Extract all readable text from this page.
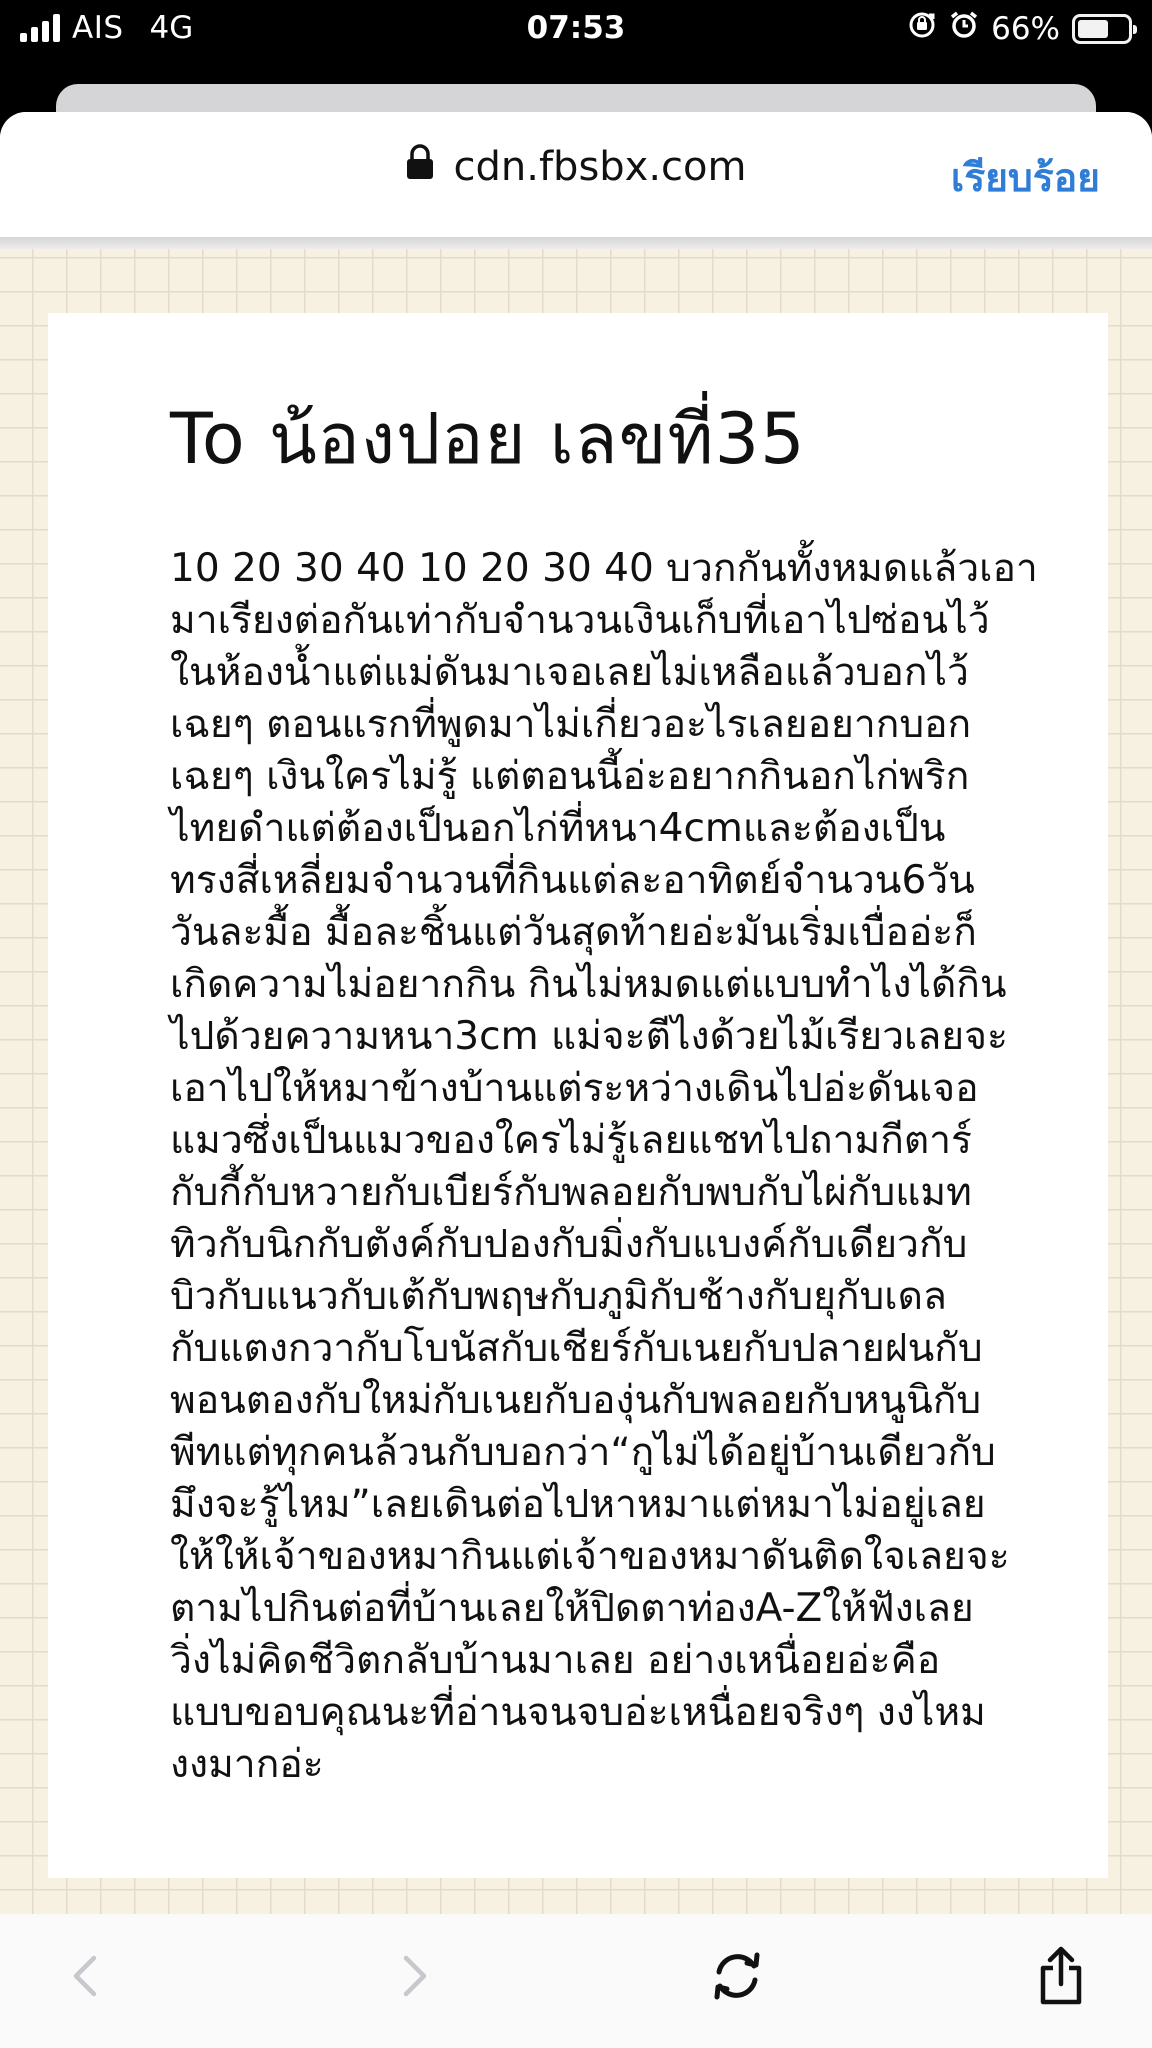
AIS 4G	07:53	66%
cdn.fbsbx.com	เรียบร้อย
To น้องปอย เลขที่35
10 20 30 40 10 20 30 40 บวกกันทั้งหมดแล้วเอา
มาเรียงต่อกันเท่ากับจำนวนเงินเก็บที่เอาไปซ่อนไว้
ในห้องน้ำแต่แม่ดันมาเจอเลยไม่เหลือแล้วบอกไว้
เฉยๆ ตอนแรกที่พูดมาไม่เกี่ยวอะไรเลยอยากบอก
เฉยๆ เงินใครไม่รู้ แต่ตอนนี้อ่ะอยากกินอกไก่พริก
ไทยดำแต่ต้องเป็นอกไก่ที่หนา4cmและต้องเป็น
ทรงสี่เหลี่ยมจำนวนที่กินแต่ละอาทิตย์จำนวน6วัน
วันละมื้อ มื้อละชิ้นแต่วันสุดท้ายอ่ะมันเริ่มเบื่ออ่ะก็
เกิดความไม่อยากกิน กินไม่หมดแต่แบบทำไงได้กิน
ไปด้วยความหนา3cm แม่จะตีไงด้วยไม้เรียวเลยจะ
เอาไปให้หมาข้างบ้านแต่ระหว่างเดินไปอ่ะดันเจอ
แมวซึ่งเป็นแมวของใครไม่รู้เลยแชทไปถามกีตาร์
กับกี้กับหวายกับเบียร์กับพลอยกับพบกับไผ่กับแมท
ทิวกับนิกกับตังค์กับปองกับมิ่งกับแบงค์กับเดียวกับ
บิวกับแนวกับเต้กับพฤษกับภูมิกับช้างกับยุกับเดล
กับแตงกวากับโบนัสกับเชียร์กับเนยกับปลายฝนกับ
พอนตองกับใหม่กับเนยกับองุ่นกับพลอยกับหนูนิกับ
พีทแต่ทุกคนล้วนกับบอกว่า“กูไม่ได้อยู่บ้านเดียวกับ
มึงจะรู้ไหม”เลยเดินต่อไปหาหมาแต่หมาไม่อยู่เลย
ให้ให้เจ้าของหมากินแต่เจ้าของหมาดันติดใจเลยจะ
ตามไปกินต่อที่บ้านเลยให้ปิดตาท่องA-Zให้ฟังเลย
วิ่งไม่คิดชีวิตกลับบ้านมาเลย อย่างเหนื่อยอ่ะคือ
แบบขอบคุณนะที่อ่านจนจบอ่ะเหนื่อยจริงๆ งงไหม
งงมากอ่ะ
